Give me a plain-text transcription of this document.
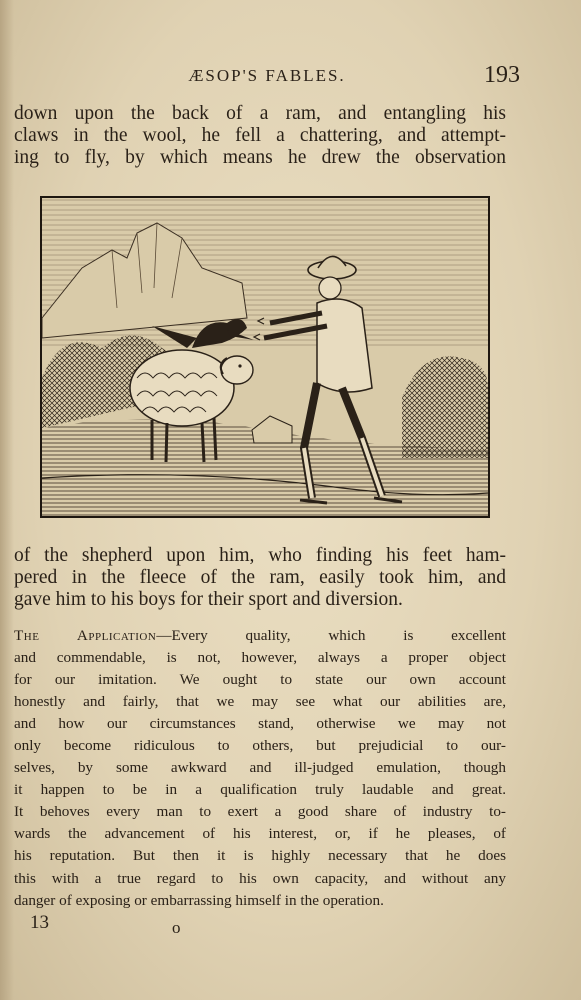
ÆSOP'S FABLES.	193
down upon the back of a ram, and entangling his
claws in the wool, he fell a chattering, and attempt-
ing to fly, by which means he drew the observation
of the shepherd upon him, who finding his feet ham-
pered in the fleece of the ram, easily took him, and
gave him to his boys for their sport and diversion.
The Application—Every quality, which is excellent
and commendable, is not, however, always a proper object
for our imitation. We ought to state our own account
honestly and fairly, that we may see what our abilities are,
and how our circumstances stand, otherwise we may not
only become ridiculous to others, but prejudicial to our-
selves, by some awkward and ill-judged emulation, though
it happen to be in a qualification truly laudable and great.
It behoves every man to exert a good share of industry to-
wards the advancement of his interest, or, if he pleases, of
his reputation. But then it is highly necessary that he does
this with a true regard to his own capacity, and without any
danger of exposing or embarrassing himself in the operation.
13	o
